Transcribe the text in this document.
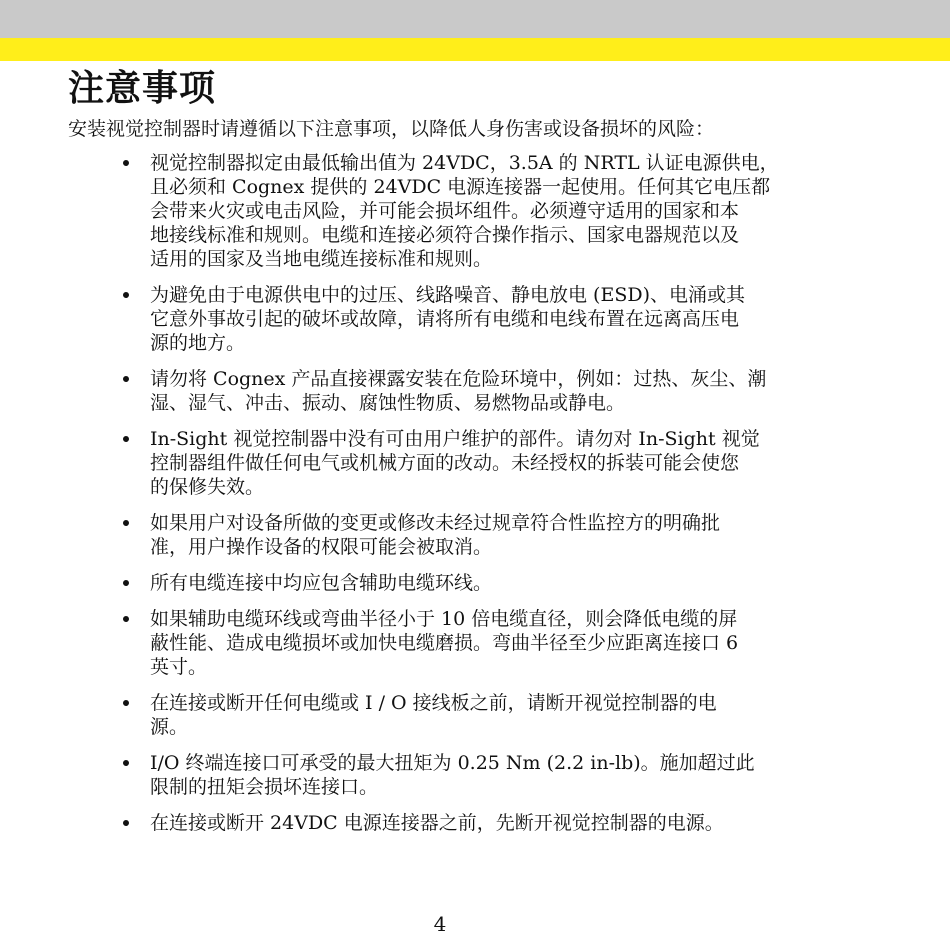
注意事项

安装视觉控制器时请遵循以下注意事项，以降低人身伤害或设备损坏的风险：

视觉控制器拟定由最低输出值为 24VDC，3.5A 的 NRTL 认证电源供电，
且必须和 Cognex 提供的 24VDC 电源连接器一起使用。任何其它电压都
会带来火灾或电击风险，并可能会损坏组件。必须遵守适用的国家和本
地接线标准和规则。电缆和连接必须符合操作指示、国家电器规范以及
适用的国家及当地电缆连接标准和规则。
为避免由于电源供电中的过压、线路噪音、静电放电 (ESD)、电涌或其
它意外事故引起的破坏或故障，请将所有电缆和电线布置在远离高压电
源的地方。
请勿将 Cognex 产品直接裸露安装在危险环境中，例如：过热、灰尘、潮
湿、湿气、冲击、振动、腐蚀性物质、易燃物品或静电。
In-Sight 视觉控制器中没有可由用户维护的部件。请勿对 In-Sight 视觉
控制器组件做任何电气或机械方面的改动。未经授权的拆装可能会使您
的保修失效。
如果用户对设备所做的变更或修改未经过规章符合性监控方的明确批
准，用户操作设备的权限可能会被取消。
所有电缆连接中均应包含辅助电缆环线。
如果辅助电缆环线或弯曲半径小于 10 倍电缆直径，则会降低电缆的屏
蔽性能、造成电缆损坏或加快电缆磨损。弯曲半径至少应距离连接口 6
英寸。
在连接或断开任何电缆或 I / O 接线板之前，请断开视觉控制器的电
源。
I/O 终端连接口可承受的最大扭矩为 0.25 Nm (2.2 in-lb)。施加超过此
限制的扭矩会损坏连接口。
在连接或断开 24VDC 电源连接器之前，先断开视觉控制器的电源。
4
